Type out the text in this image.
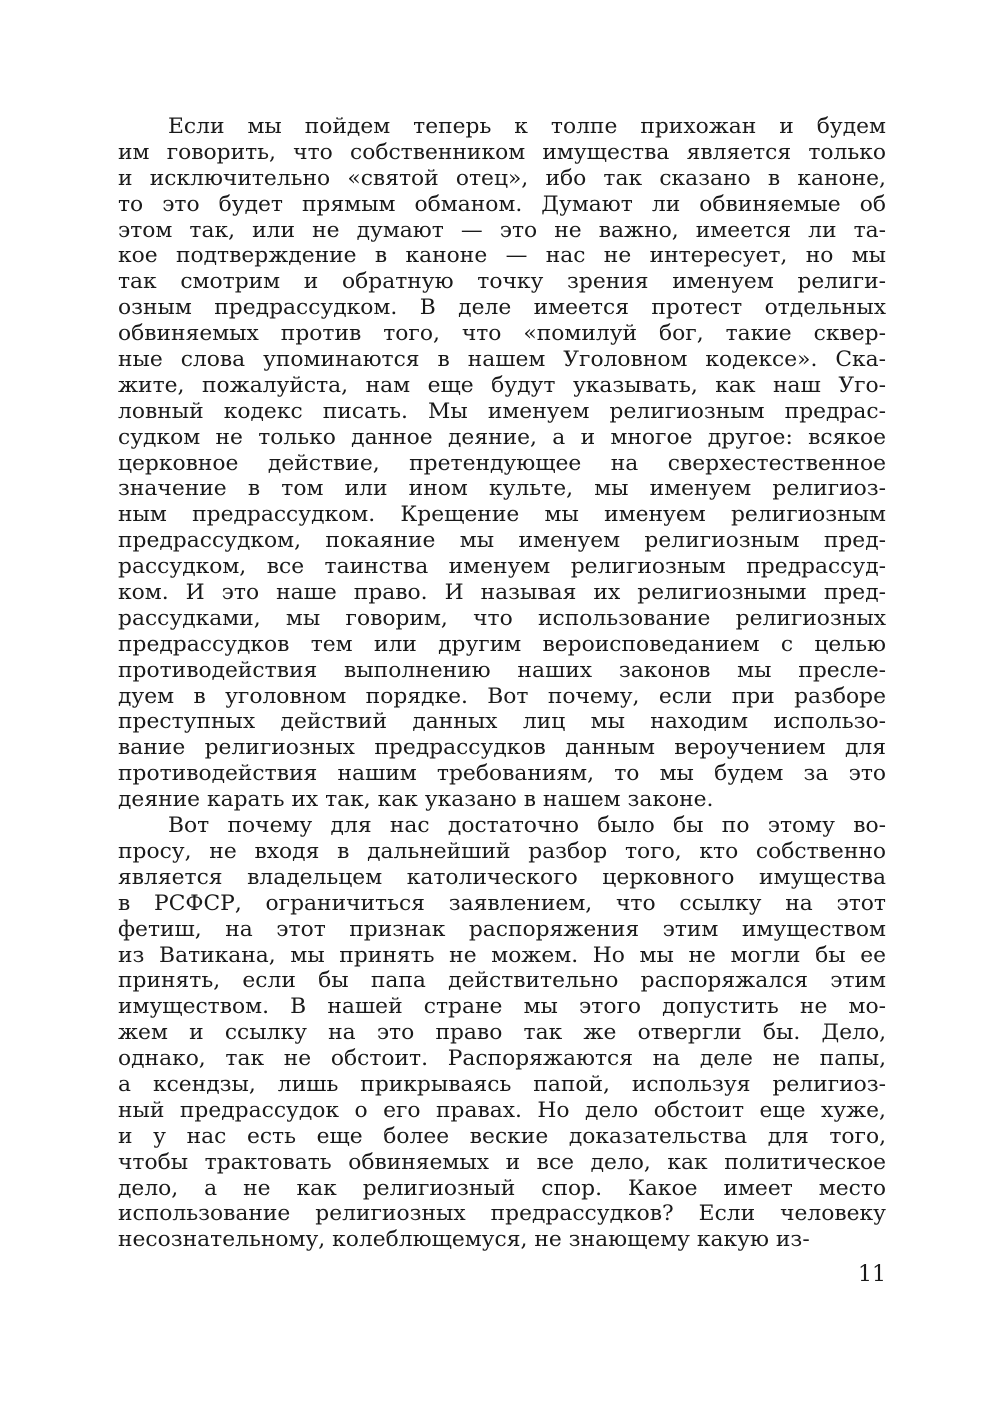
Если мы пойдем теперь к толпе прихожан и будем
им говорить, что собственником имущества является только
и исключительно «святой отец», ибо так сказано в каноне,
то это будет прямым обманом. Думают ли обвиняемые об
этом так, или не думают — это не важно, имеется ли та-
кое подтверждение в каноне — нас не интересует, но мы
так смотрим и обратную точку зрения именуем религи-
озным предрассудком. В деле имеется протест отдельных
обвиняемых против того, что «помилуй бог, такие сквер-
ные слова упоминаются в нашем Уголовном кодексе». Ска-
жите, пожалуйста, нам еще будут указывать, как наш Уго-
ловный кодекс писать. Мы именуем религиозным предрас-
судком не только данное деяние, а и многое другое: всякое
церковное действие, претендующее на сверхестественное
значение в том или ином культе, мы именуем религиоз-
ным предрассудком. Крещение мы именуем религиозным
предрассудком, покаяние мы именуем религиозным пред-
рассудком, все таинства именуем религиозным предрассуд-
ком. И это наше право. И называя их религиозными пред-
рассудками, мы говорим, что использование религиозных
предрассудков тем или другим вероисповеданием с целью
противодействия выполнению наших законов мы пресле-
дуем в уголовном порядке. Вот почему, если при разборе
преступных действий данных лиц мы находим использо-
вание религиозных предрассудков данным вероучением для
противодействия нашим требованиям, то мы будем за это
деяние карать их так, как указано в нашем законе.
Вот почему для нас достаточно было бы по этому во-
просу, не входя в дальнейший разбор того, кто собственно
является владельцем католического церковного имущества
в РСФСР, ограничиться заявлением, что ссылку на этот
фетиш, на этот признак распоряжения этим имуществом
из Ватикана, мы принять не можем. Но мы не могли бы ее
принять, если бы папа действительно распоряжался этим
имуществом. В нашей стране мы этого допустить не мо-
жем и ссылку на это право так же отвергли бы. Дело,
однако, так не обстоит. Распоряжаются на деле не папы,
а ксендзы, лишь прикрываясь папой, используя религиоз-
ный предрассудок о его правах. Но дело обстоит еще хуже,
и у нас есть еще более веские доказательства для того,
чтобы трактовать обвиняемых и все дело, как политическое
дело, а не как религиозный спор. Какое имеет место
использование религиозных предрассудков? Если человеку
несознательному, колеблющемуся, не знающему какую из-
11
